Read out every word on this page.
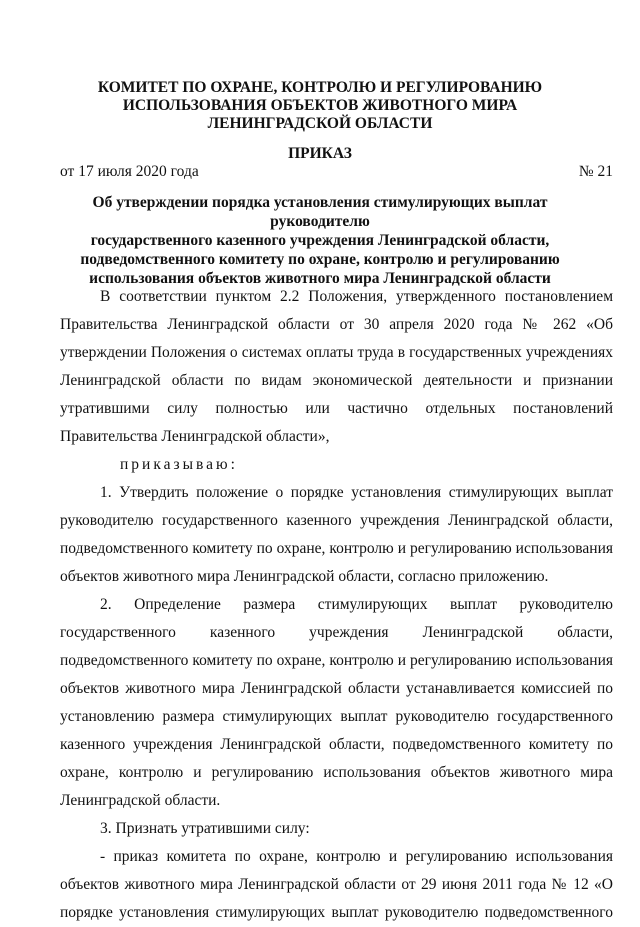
КОМИТЕТ ПО ОХРАНЕ, КОНТРОЛЮ И РЕГУЛИРОВАНИЮ
ИСПОЛЬЗОВАНИЯ ОБЪЕКТОВ ЖИВОТНОГО МИРА
ЛЕНИНГРАДСКОЙ ОБЛАСТИ
ПРИКАЗ
от 17 июля 2020 года	№ 21
Об утверждении порядка установления стимулирующих выплат руководителю
государственного казенного учреждения Ленинградской области,
подведомственного комитету по охране, контролю и регулированию
использования объектов животного мира Ленинградской области

В соответствии пунктом 2.2 Положения, утвержденного постановлением Правительства Ленинградской области от 30 апреля 2020 года № 262 «Об утверждении Положения о системах оплаты труда в государственных учреждениях Ленинградской области по видам экономической деятельности и признании утратившими силу полностью или частично отдельных постановлений Правительства Ленинградской области»,

приказываю:

1. Утвердить положение о порядке установления стимулирующих выплат руководителю государственного казенного учреждения Ленинградской области, подведомственного комитету по охране, контролю и регулированию использования объектов животного мира Ленинградской области, согласно приложению.

2. Определение размера стимулирующих выплат руководителю государственного казенного учреждения Ленинградской области, подведомственного комитету по охране, контролю и регулированию использования объектов животного мира Ленинградской области устанавливается комиссией по установлению размера стимулирующих выплат руководителю государственного казенного учреждения Ленинградской области, подведомственного комитету по охране, контролю и регулированию использования объектов животного мира Ленинградской области.

3. Признать утратившими силу:

- приказ комитета по охране, контролю и регулированию использования объектов животного мира Ленинградской области от 29 июня 2011 года № 12 «О порядке установления стимулирующих выплат руководителю подведомственного
